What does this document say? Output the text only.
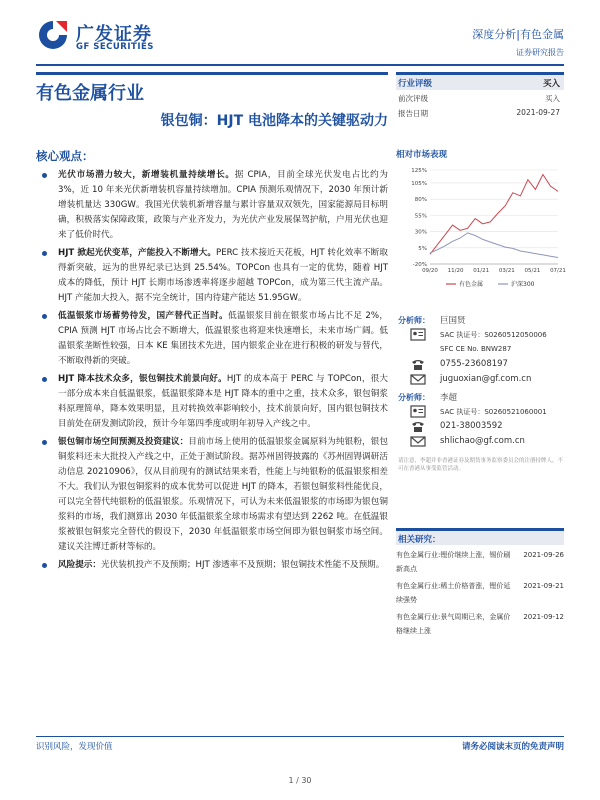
广发证券
GF SECURITIES
深度分析|有色金属
证券研究报告
有色金属行业
银包铜：HJT 电池降本的关键驱动力
核心观点：
光伏市场潜力较大，新增装机量持续增长。据 CPIA，目前全球光伏发电占比约为 3%，近 10 年来光伏新增装机容量持续增加。CPIA 预测乐观情况下，2030 年预计新增装机量达 330GW。我国光伏装机新增容量与累计容量双双领先，国家能源局目标明确，积极落实保障政策，政策与产业齐发力，为光伏产业发展保驾护航，户用光伏也迎来了低价时代。
HJT 掀起光伏变革，产能投入不断增大。PERC 技术接近天花板，HJT 转化效率不断取得新突破，远为的世界纪录已达到 25.54%。TOPCon 也具有一定的优势，随着 HJT 成本的降低，预计 HJT 长期市场渗透率将逐步超越 TOPCon，成为第三代主流产品。HJT 产能加大投入，据不完全统计，国内待建产能达 51.95GW。
低温银浆市场蓄势待发，国产替代正当时。低温银浆目前在银浆市场占比不足 2%，CPIA 预测 HJT 市场占比会不断增大，低温银浆也将迎来快速增长，未来市场广阔。低温银浆垄断性较强，日本 KE 集团技术先进，国内银浆企业在进行积极的研发与替代，不断取得新的突破。
HJT 降本技术众多，银包铜技术前景向好。HJT 的成本高于 PERC 与 TOPCon，很大一部分成本来自低温银浆，低温银浆降本是 HJT 降本的重中之重，技术众多，银包铜浆料原理简单，降本效果明显，且对转换效率影响较小，技术前景向好，国内银包铜技术目前处在研发测试阶段，预计今年第四季度或明年初导入产线之中。
银包铜市场空间预测及投资建议：目前市场上使用的低温银浆金属原料为纯银粉，银包铜浆料还未大批投入产线之中，正处于测试阶段。据苏州固锝披露的《苏州固锝调研活动信息 20210906》，仅从目前现有的测试结果来看，性能上与纯银粉的低温银浆相差不大。我们认为银包铜浆料的成本优势可以促进 HJT 的降本，若银包铜浆料性能优良，可以完全替代纯银粉的低温银浆。乐观情况下，可认为未来低温银浆的市场即为银包铜浆料的市场，我们测算出 2030 年低温银浆全球市场需求有望达到 2262 吨。在低温银浆被银包铜浆完全替代的假设下，2030 年低温银浆市场空间即为银包铜浆市场空间。建议关注博迁新材等标的。
风险提示：光伏装机投产不及预期；HJT 渗透率不及预期；银包铜技术性能不及预期。
行业评级	买入
前次评级	买入
报告日期	2021-09-27
相对市场表现
-20%
5%
30%
55%
80%
105%
125%
09/20 11/20 01/21 03/21 05/21 07/21
有色金属	沪深300
分析师： 巨国贤
SAC 执证号：S0260512050006
SFC CE No. BNW287
0755-23608197
juguoxian@gf.com.cn
分析师： 李超
SAC 执证号：S0260521060001
021-38003592
shlichao@gf.com.cn
请注意，李超并非香港证券及期货事务监察委员会的注册持牌人，不可在香港从事受监管活动。
相关研究：
有色金属行业:锂价继续上涨，锡价刷新高点
2021-09-26
有色金属行业:稀土价格普涨，锂价延续强势
2021-09-21
有色金属行业:景气周期已来，金属价格继续上涨
2021-09-12
识别风险，发现价值	请务必阅读末页的免责声明
1 / 30
